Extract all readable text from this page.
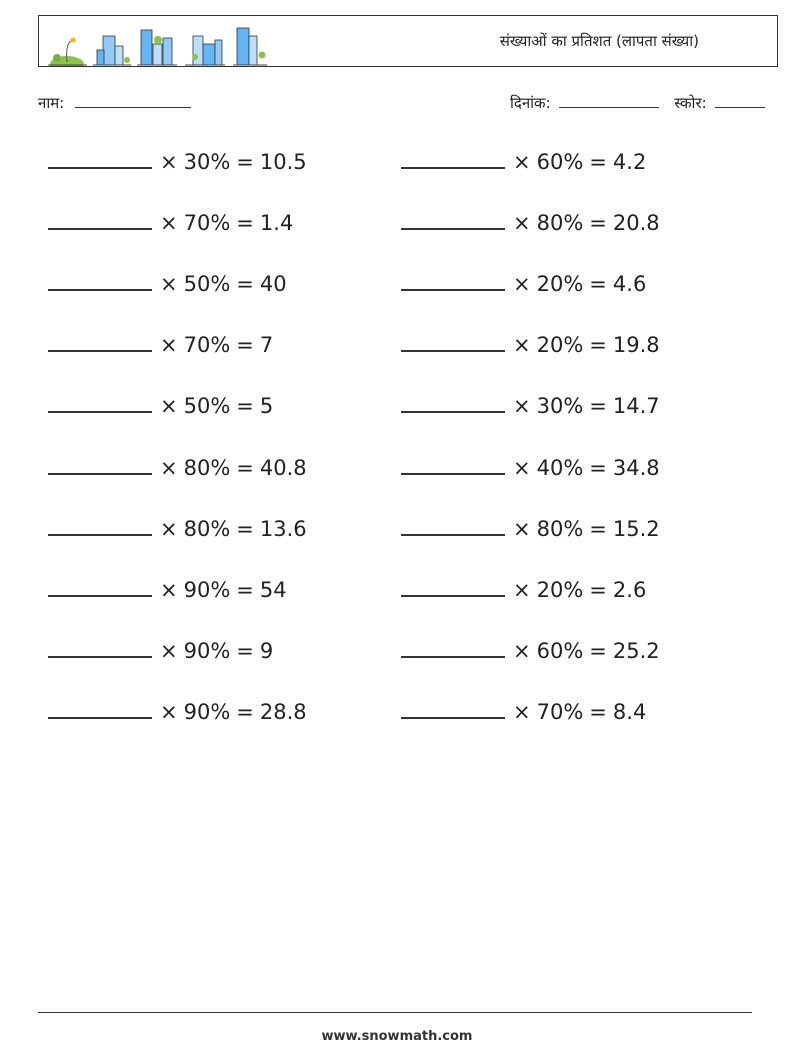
संख्याओं का प्रतिशत (लापता संख्या)
नाम:	दिनांक:	स्कोर:
× 30% = 10.5	× 60% = 4.2
× 70% = 1.4	× 80% = 20.8
× 50% = 40	× 20% = 4.6
× 70% = 7	× 20% = 19.8
× 50% = 5	× 30% = 14.7
× 80% = 40.8	× 40% = 34.8
× 80% = 13.6	× 80% = 15.2
× 90% = 54	× 20% = 2.6
× 90% = 9	× 60% = 25.2
× 90% = 28.8	× 70% = 8.4
www.snowmath.com
